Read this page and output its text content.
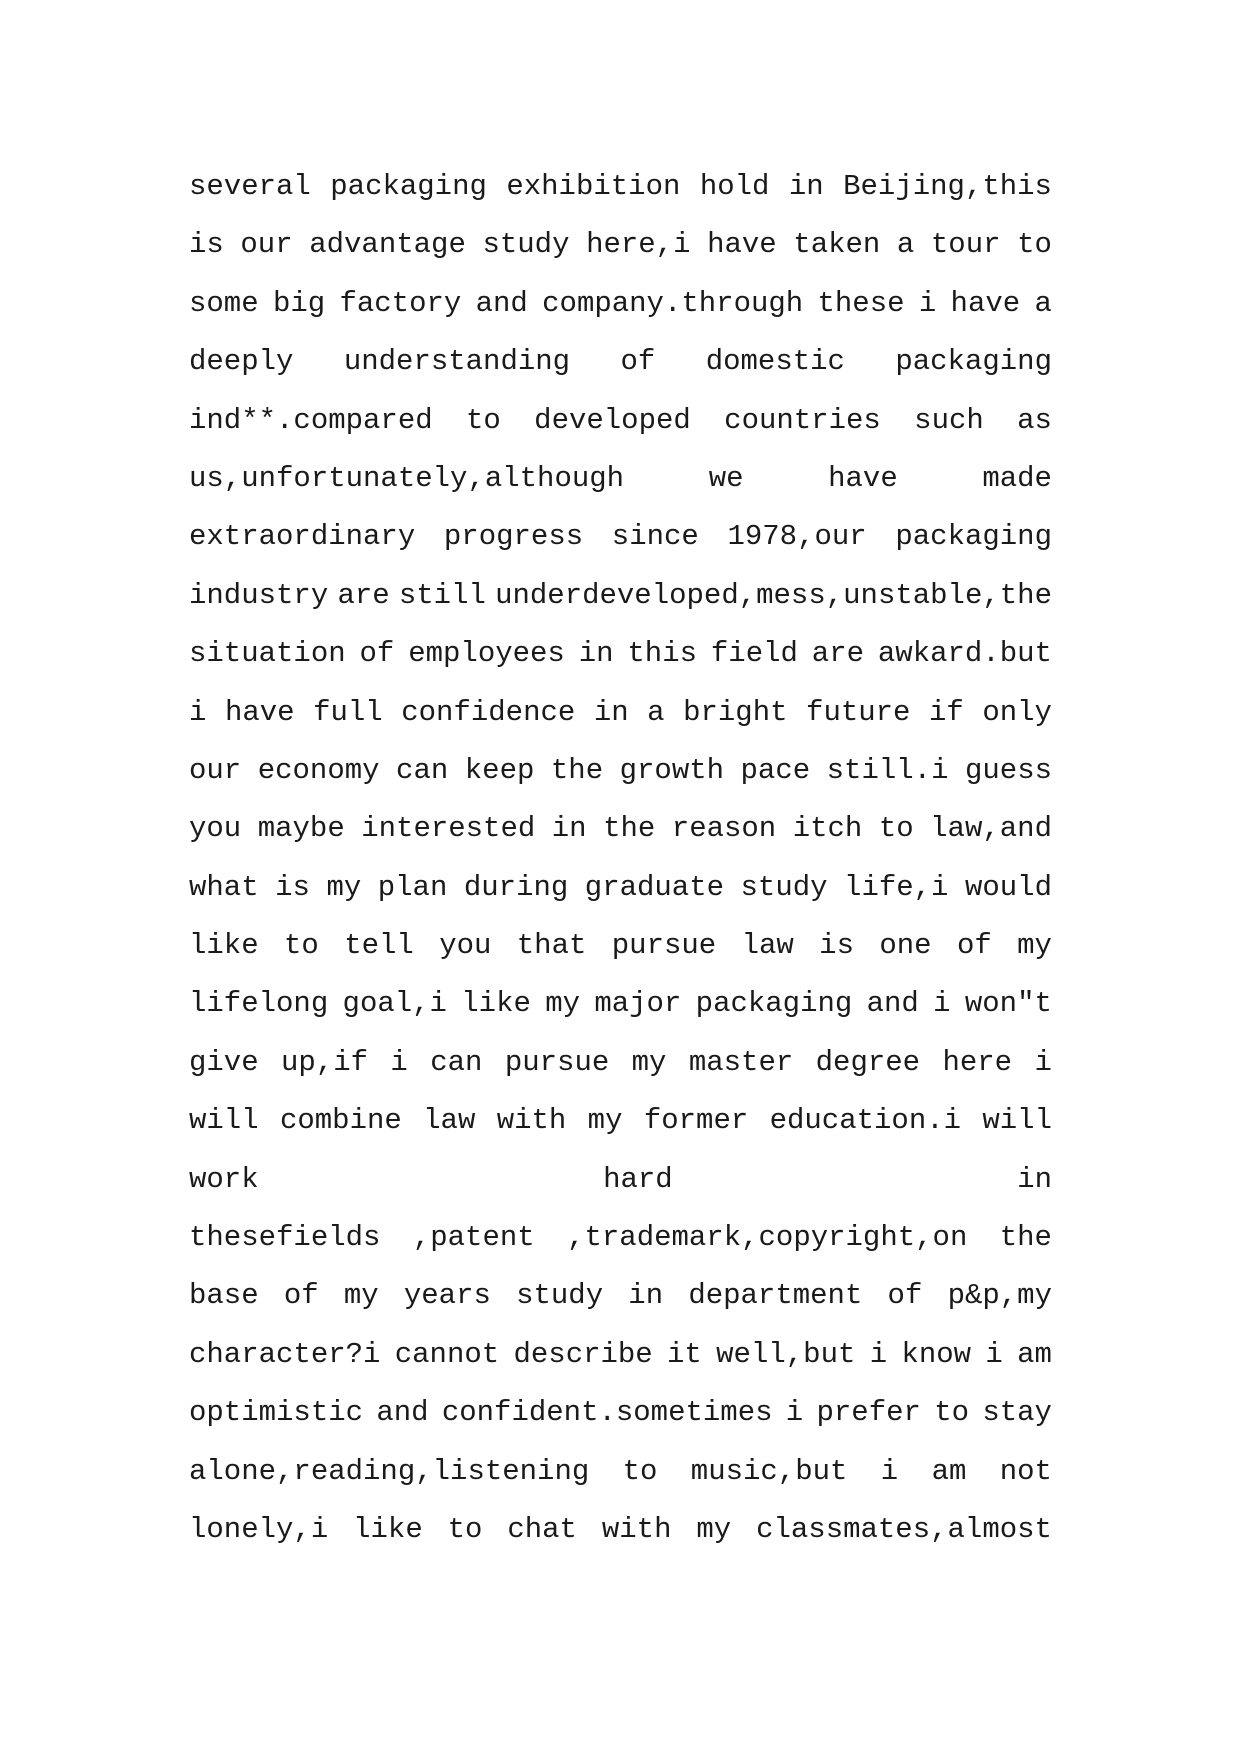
several packaging exhibition hold in Beijing,this
is our advantage study here,i have taken a tour to
some big factory and company.through these i have a
deeply understanding of domestic packaging
ind**.compared to developed countries such as
us,unfortunately,although	we	have	made
extraordinary progress since 1978,our packaging
industry are still underdeveloped,mess,unstable,the
situation of employees in this field are awkard.but
i have full confidence in a bright future if only
our economy can keep the growth pace still.i guess
you maybe interested in the reason itch to law,and
what is my plan during graduate study life,i would
like to tell you that pursue law is one of my
lifelong goal,i like my major packaging and i won"t
give up,if i can pursue my master degree here i
will combine law with my former education.i will
work	hard	in
thesefields ,patent ,trademark,copyright,on the
base of my years study in department of p&p,my
character?i cannot describe it well,but i know i am
optimistic and confident.sometimes i prefer to stay
alone,reading,listening to music,but i am not
lonely,i like to chat with my classmates,almost
